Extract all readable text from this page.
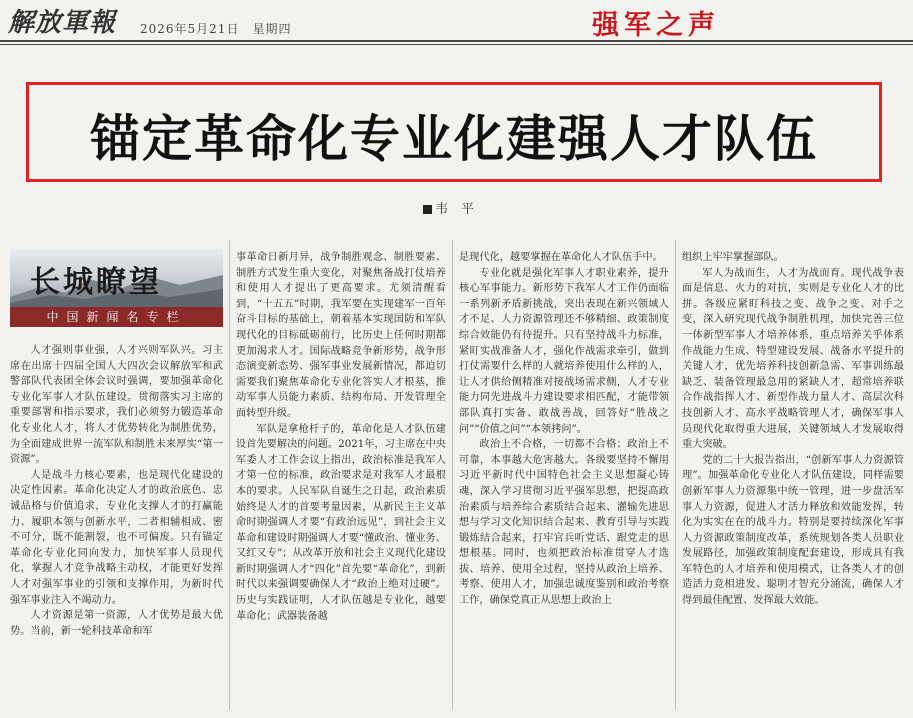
解放軍報 2026年5月21日　星期四	强军之声
锚定革命化专业化建强人才队伍
韦　平
长城瞭望
中国新闻名专栏

人才强则事业强，人才兴则军队兴。习主席在出席十四届全国人大四次会议解放军和武警部队代表团全体会议时强调，要加强革命化专业化军事人才队伍建设。贯彻落实习主席的重要部署和指示要求，我们必须努力锻造革命化专业化人才，将人才优势转化为制胜优势，为全面建成世界一流军队和制胜未来厚实“第一资源”。

人是战斗力核心要素，也是现代化建设的决定性因素。革命化决定人才的政治底色、忠诚品格与价值追求，专业化支撑人才的打赢能力、履职本领与创新水平，二者相辅相成、密不可分，既不能割裂，也不可偏废。只有锚定革命化专业化同向发力，加快军事人员现代化，掌握人才竞争战略主动权，才能更好发挥人才对强军事业的引领和支撑作用，为新时代强军事业注入不竭动力。

人才资源是第一资源，人才优势是最大优势。当前，新一轮科技革命和军

事革命日新月异，战争制胜观念、制胜要素、制胜方式发生重大变化，对聚焦备战打仗培养和使用人才提出了更高要求。尤须清醒看到，“十五五”时期，我军要在实现建军一百年奋斗目标的基础上，朝着基本实现国防和军队现代化的目标砥砺前行，比历史上任何时期都更加渴求人才。国际战略竞争新形势，战争形态演变新态势、强军事业发展新情况，都迫切需要我们聚焦革命化专业化答实人才根基，推动军事人员能力素质、结构布局、开发管理全面转型升级。

军队是拿枪杆子的，革命化是人才队伍建设首先要解决的问题。2021年，习主席在中央军委人才工作会议上指出，政治标准是我军人才第一位的标准，政治要求是对我军人才最根本的要求。人民军队自诞生之日起，政治素质始终是人才的首要考量因素，从新民主主义革命时期强调人才要“有政治远见”，到社会主义革命和建设时期强调人才要“懂政治、懂业务、又红又专”；从改革开放和社会主义现代化建设新时期强调人才“四化”首先要“革命化”，到新时代以来强调要确保人才“政治上绝对过硬”。历史与实践证明，人才队伍越是专业化，越要革命化；武器装备越

是现代化，越要掌握在革命化人才队伍手中。

专业化就是强化军事人才职业素养，提升核心军事能力。新形势下我军人才工作仍面临一系列新矛盾新挑战，突出表现在新兴领域人才不足、人力资源管理还不够精细、政策制度综合效能仍有待提升。只有坚持战斗力标准，紧盯实战准备人才，强化作战需求牵引，做到打仗需要什么样的人就培养使用什么样的人，让人才供给侧精准对接战场需求侧，人才专业能力同先进战斗力建设要求相匹配，才能带领部队真打实备、敢战善战，回答好“胜战之问”“价值之问”“本领拷问”。

政治上不合格，一切都不合格；政治上不可靠，本事越大危害越大。各级要坚持不懈用习近平新时代中国特色社会主义思想凝心铸魂，深入学习贯彻习近平强军思想，把提高政治素质与培养综合素质结合起来、灌输先进思想与学习文化知识结合起来、教育引导与实践锻炼结合起来，打牢官兵听党话、跟党走的思想根基。同时，也须把政治标准贯穿人才选拔、培养、使用全过程，坚持从政治上培养、考察、使用人才，加强忠诚度鉴别和政治考察工作，确保党真正从思想上政治上

组织上牢牢掌握部队。

军人为战而生，人才为战而育。现代战争表面是信息、火力的对抗，实则是专业化人才的比拼。各级应紧盯科技之变、战争之变、对手之变，深入研究现代战争制胜机理，加快完善三位一体新型军事人才培养体系，重点培养关乎体系作战能力生成、特型建设发展、战备水平提升的关键人才，优先培养科技创新急需、军事训练最缺乏、装备管理最急用的紧缺人才，超常培养联合作战指挥人才、新型作战力量人才、高层次科技创新人才、高水平战略管理人才，确保军事人员现代化取得重大进展，关键领域人才发展取得重大突破。

党的二十大报告指出，“创新军事人力资源管理”。加强革命化专业化人才队伍建设，同样需要创新军事人力资源集中统一管理，进一步盘活军事人力资源，促进人才活力释放和效能发挥，转化为实实在在的战斗力。特别是要持续深化军事人力资源政策制度改革，系统规划各类人员职业发展路径，加强政策制度配套建设，形成具有我军特色的人才培养和使用模式，让各类人才的创造活力竞相进发、聪明才智充分涌流，确保人才得到最佳配置、发挥最大效能。
